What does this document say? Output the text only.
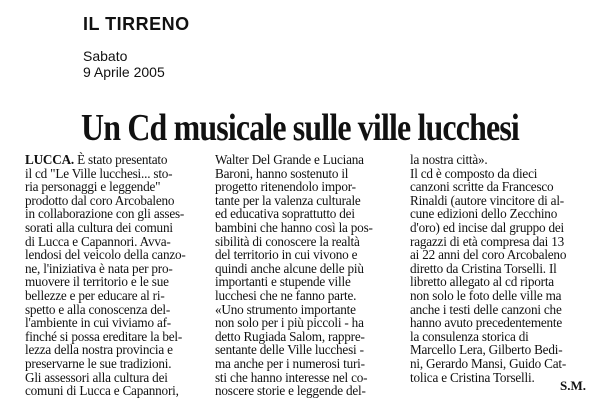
IL TIRRENO
Sabato
9 Aprile 2005
Un Cd musicale sulle ville lucchesi
LUCCA. È stato presentato
il cd "Le Ville lucchesi... sto-
ria personaggi e leggende"
prodotto dal coro Arcobaleno
in collaborazione con gli asses-
sorati alla cultura dei comuni
di Lucca e Capannori. Avva-
lendosi del veicolo della canzo-
ne, l'iniziativa è nata per pro-
muovere il territorio e le sue
bellezze e per educare al ri-
spetto e alla conoscenza del-
l'ambiente in cui viviamo af-
finché si possa ereditare la bel-
lezza della nostra provincia e
preservarne le sue tradizioni.
Gli assessori alla cultura dei
comuni di Lucca e Capannori,
Walter Del Grande e Luciana
Baroni, hanno sostenuto il
progetto ritenendolo impor-
tante per la valenza culturale
ed educativa soprattutto dei
bambini che hanno così la pos-
sibilità di conoscere la realtà
del territorio in cui vivono e
quindi anche alcune delle più
importanti e stupende ville
lucchesi che ne fanno parte.
«Uno strumento importante
non solo per i più piccoli - ha
detto Rugiada Salom, rappre-
sentante delle Ville lucchesi -
ma anche per i numerosi turi-
sti che hanno interesse nel co-
noscere storie e leggende del-
la nostra città».
Il cd è composto da dieci
canzoni scritte da Francesco
Rinaldi (autore vincitore di al-
cune edizioni dello Zecchino
d'oro) ed incise dal gruppo dei
ragazzi di età compresa dai 13
ai 22 anni del coro Arcobaleno
diretto da Cristina Torselli. Il
libretto allegato al cd riporta
non solo le foto delle ville ma
anche i testi delle canzoni che
hanno avuto precedentemente
la consulenza storica di
Marcello Lera, Gilberto Bedi-
ni, Gerardo Mansi, Guido Cat-
tolica e Cristina Torselli.
S.M.
